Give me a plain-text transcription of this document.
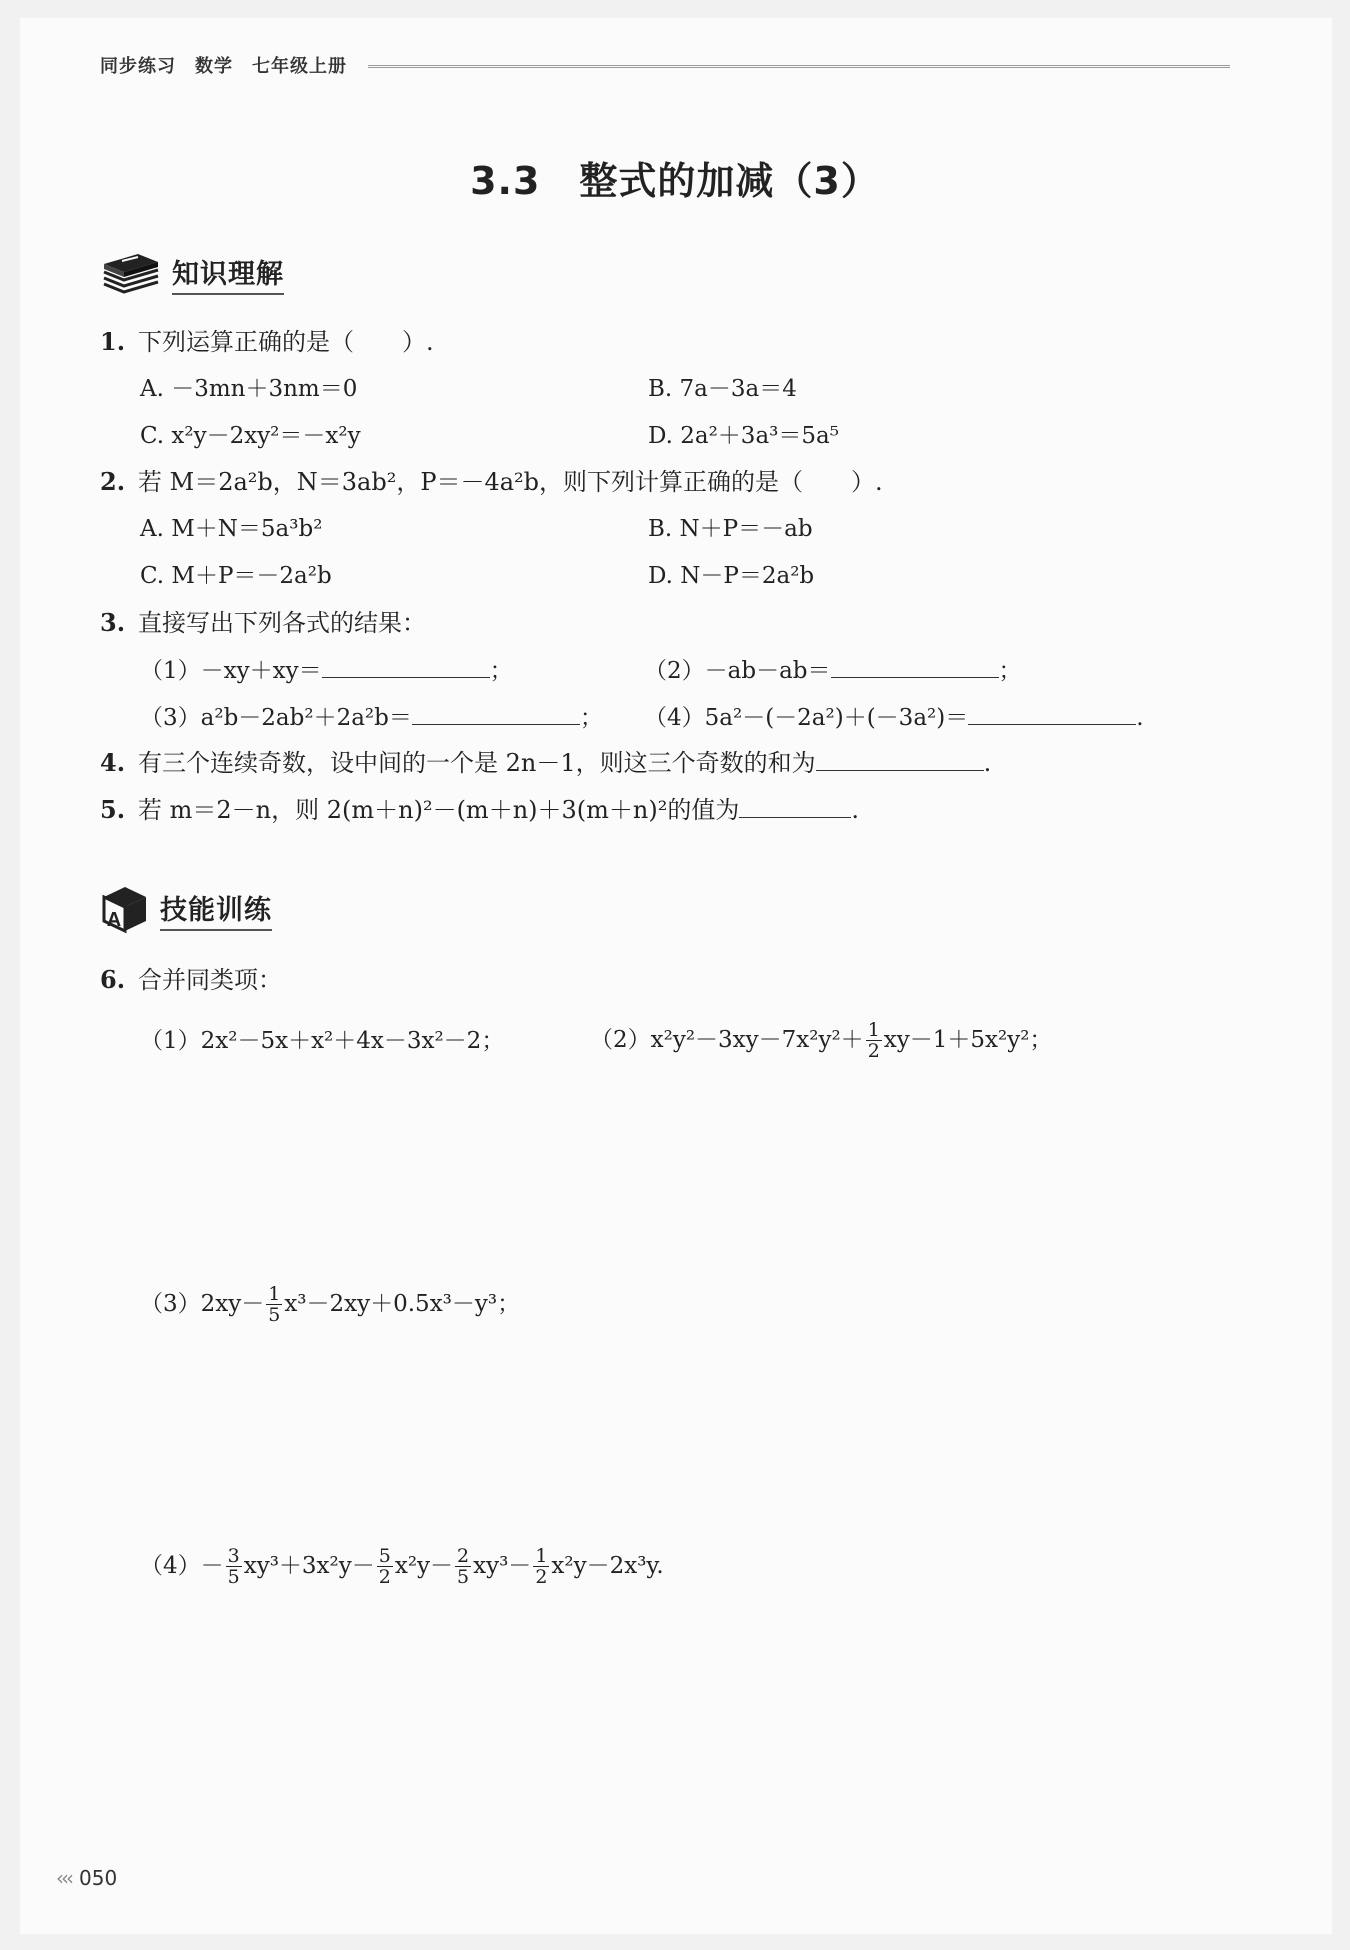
同步练习　数学　七年级上册
3.3　整式的加减（3）
知识理解
1. 下列运算正确的是（　　）.
A. －3mn＋3nm＝0	B. 7a－3a＝4
C. x²y－2xy²＝－x²y	D. 2a²＋3a³＝5a⁵
2. 若 M＝2a²b，N＝3ab²，P＝－4a²b，则下列计算正确的是（　　）.
A. M＋N＝5a³b²	B. N＋P＝－ab
C. M＋P＝－2a²b	D. N－P＝2a²b
3. 直接写出下列各式的结果：
（1）－xy＋xy＝	；	（2）－ab－ab＝	；
（3）a²b－2ab²＋2a²b＝	； （4）5a²－(－2a²)＋(－3a²)＝	.
4. 有三个连续奇数，设中间的一个是 2n－1，则这三个奇数的和为	.
5. 若 m＝2－n，则 2(m＋n)²－(m＋n)＋3(m＋n)²的值为	.
A 技能训练
6. 合并同类项：
（1）2x²－5x＋x²＋4x－3x²－2；	$(2)x^2y^2-3xy-7x^2y^2+ \frac{1}{2} xy-1+5x^2y^2$；
$(3)2xy- \frac{1}{5} x^3-2xy+0.5x^3-y^3$；
$(4)- \frac{3}{5} xy^3+3x^2y- \frac{5}{2} x^2y- \frac{2}{5} xy^3- \frac{1}{2} x^2y-2x^3y$.
‹‹‹ 050
